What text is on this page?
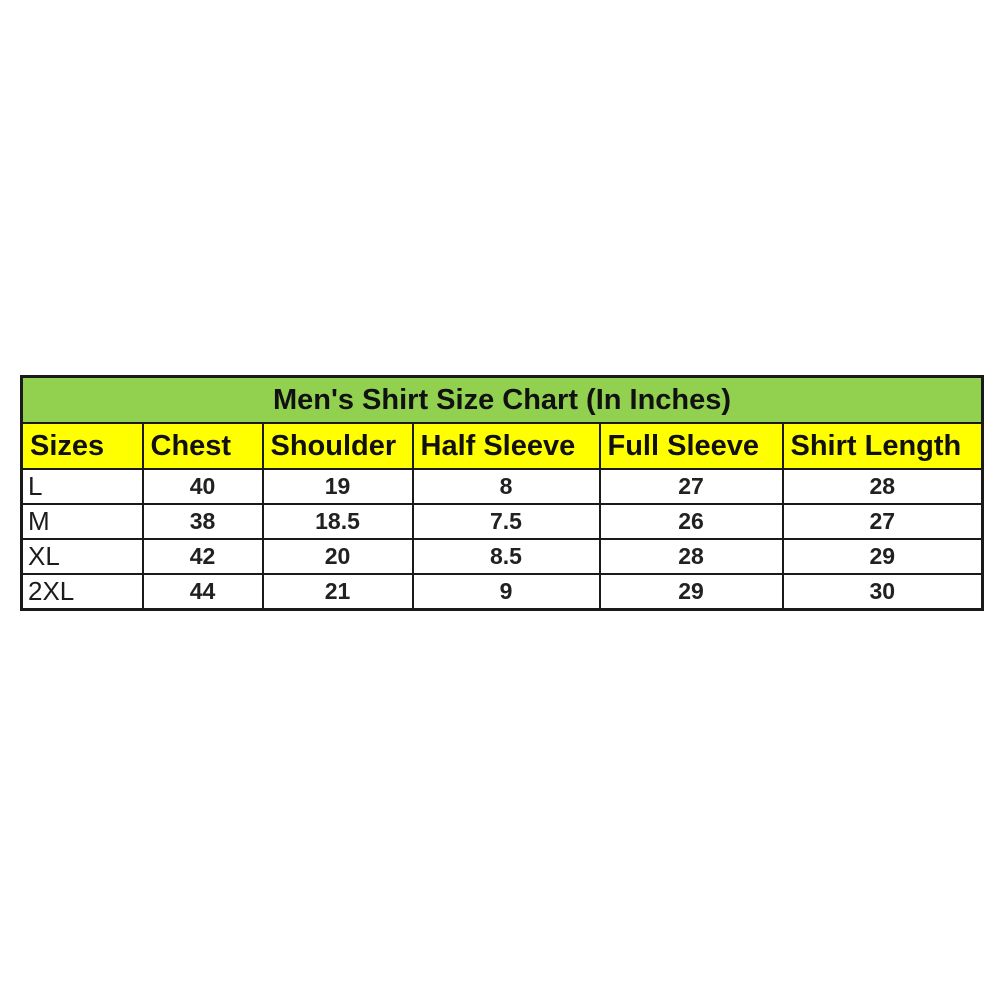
Men's Shirt Size Chart (In Inches)					
Sizes	Chest	Shoulder	Half Sleeve	Full Sleeve	Shirt Length
L	40	19	8	27	28
M	38	18.5	7.5	26	27
XL	42	20	8.5	28	29
2XL	44	21	9	29	30
